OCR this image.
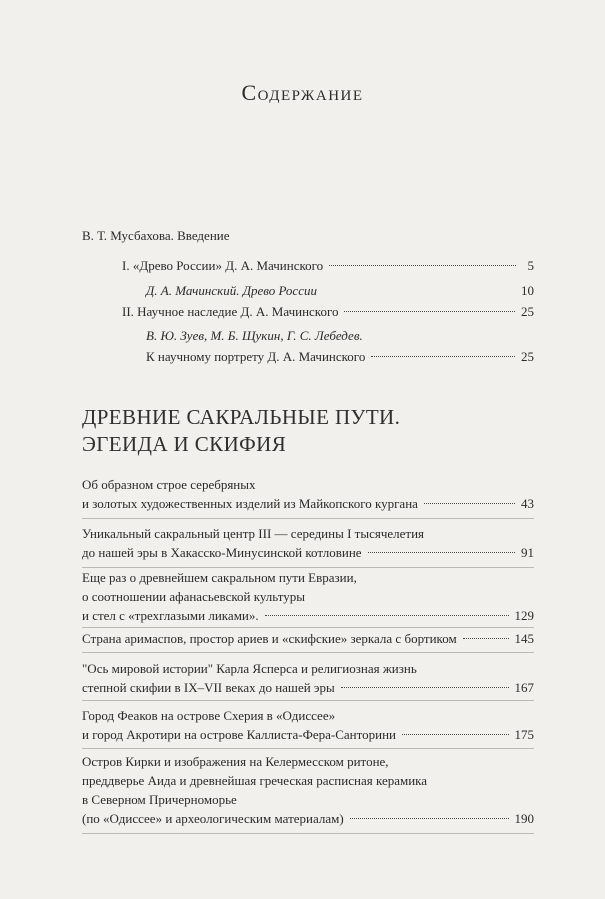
Содержание
В. Т. Мусбахова. Введение
I. «Древо России» Д. А. Мачинского	5
Д. А. Мачинский. Древо России	10
II. Научное наследие Д. А. Мачинского	25
В. Ю. Зуев, М. Б. Щукин, Г. С. Лебедев.
К научному портрету Д. А. Мачинского	25
ДРЕВНИЕ САКРАЛЬНЫЕ ПУТИ.
ЭГЕИДА И СКИФИЯ
Об образном строе серебряных
и золотых художественных изделий из Майкопского кургана	43
Уникальный сакральный центр III — середины I тысячелетия
до нашей эры в Хакасско-Минусинской котловине	91
Еще раз о древнейшем сакральном пути Евразии,
о соотношении афанасьевской культуры
и стел с «трехглазыми ликами».	129
Страна аримаспов, простор ариев и «скифские» зеркала с бортиком	145
"Ось мировой истории" Карла Ясперса и религиозная жизнь
степной скифии в IX–VII веках до нашей эры	167
Город Феаков на острове Схерия в «Одиссее»
и город Акротири на острове Каллиста-Фера-Санторини	175
Остров Кирки и изображения на Келермесском ритоне,
преддверье Аида и древнейшая греческая расписная керамика
в Северном Причерноморье
(по «Одиссее» и археологическим материалам)	190
